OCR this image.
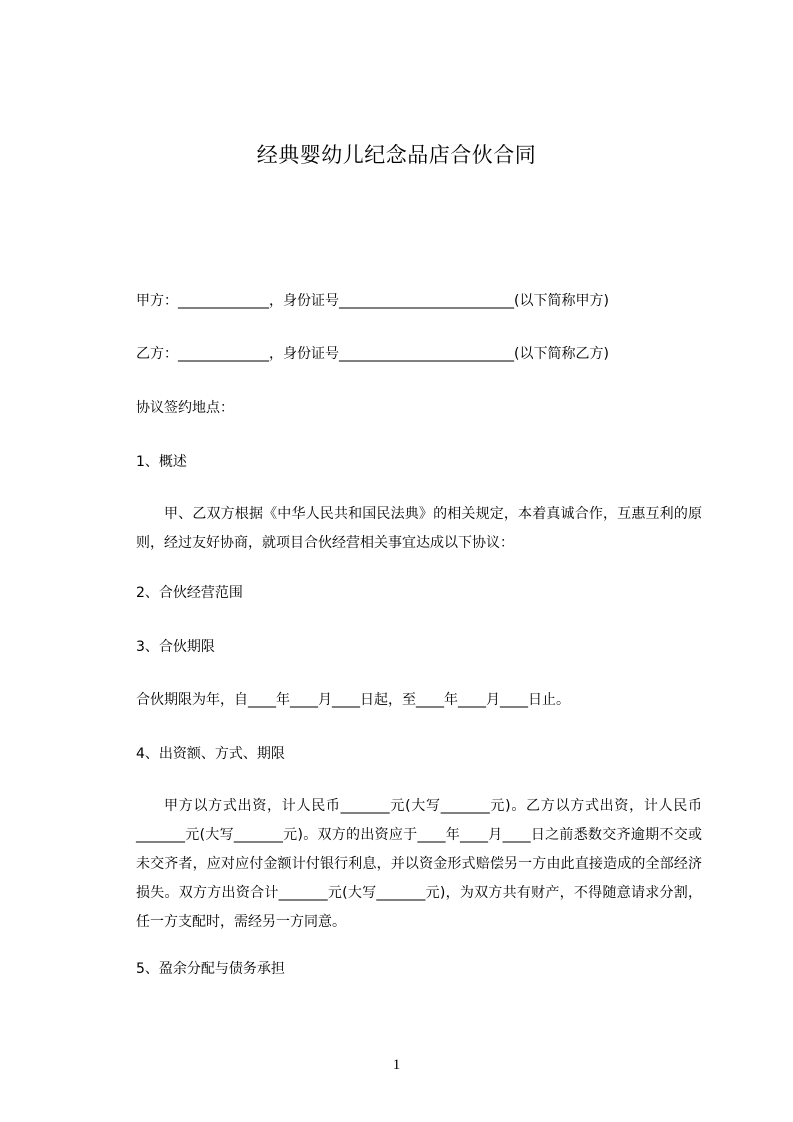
经典婴幼儿纪念品店合伙合同
甲方：_____________，身份证号_________________________(以下简称甲方)
乙方：_____________，身份证号_________________________(以下简称乙方)
协议签约地点：
1、概述
甲、乙双方根据《中华人民共和国民法典》的相关规定，本着真诚合作，互惠互利的原则，经过友好协商，就项目合伙经营相关事宜达成以下协议：
2、合伙经营范围
3、合伙期限
合伙期限为年，自____年____月____日起，至____年____月____日止。
4、出资额、方式、期限
甲方以方式出资，计人民币_______元(大写_______元)。乙方以方式出资，计人民币_______元(大写_______元)。双方的出资应于____年____月____日之前悉数交齐逾期不交或未交齐者，应对应付金额计付银行利息，并以资金形式赔偿另一方由此直接造成的全部经济损失。双方方出资合计_______元(大写_______元)，为双方共有财产，不得随意请求分割，任一方支配时，需经另一方同意。
5、盈余分配与债务承担
1
